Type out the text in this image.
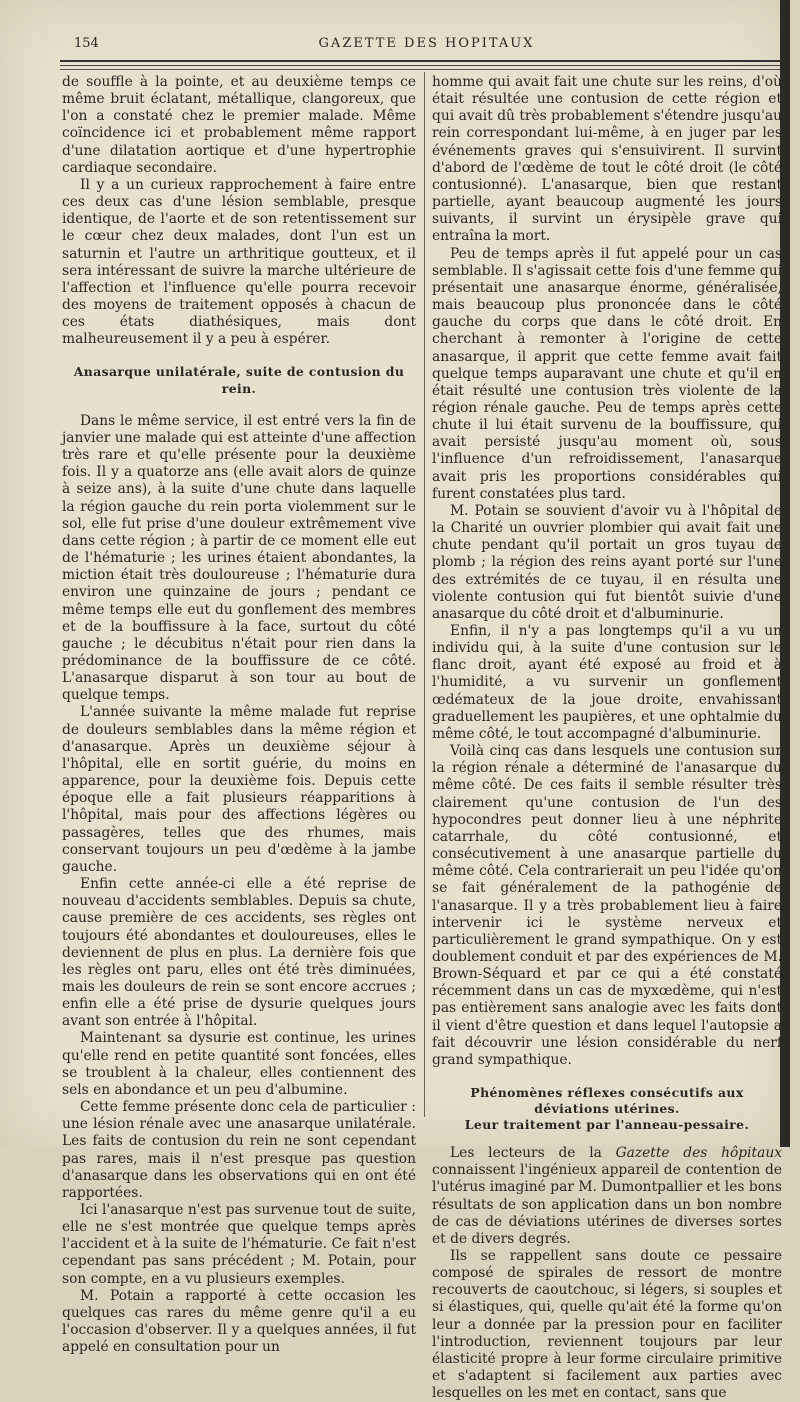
154	GAZETTE DES HOPITAUX

de souffle à la pointe, et au deuxième temps ce même bruit éclatant, métallique, clangoreux, que l'on a constaté chez le premier malade. Même coïncidence ici et probablement même rapport d'une dilatation aortique et d'une hypertrophie cardiaque secondaire.

Il y a un curieux rapprochement à faire entre ces deux cas d'une lésion semblable, presque identique, de l'aorte et de son retentissement sur le cœur chez deux malades, dont l'un est un saturnin et l'autre un arthritique goutteux, et il sera intéressant de suivre la marche ultérieure de l'affection et l'influence qu'elle pourra recevoir des moyens de traitement opposés à chacun de ces états diathésiques, mais dont malheureusement il y a peu à espérer.

Anasarque unilatérale, suite de contusion du rein.

Dans le même service, il est entré vers la fin de janvier une malade qui est atteinte d'une affection très rare et qu'elle présente pour la deuxième fois. Il y a quatorze ans (elle avait alors de quinze à seize ans), à la suite d'une chute dans laquelle la région gauche du rein porta violemment sur le sol, elle fut prise d'une douleur extrêmement vive dans cette région ; à partir de ce moment elle eut de l'hématurie ; les urines étaient abondantes, la miction était très douloureuse ; l'hématurie dura environ une quinzaine de jours ; pendant ce même temps elle eut du gonflement des membres et de la bouffissure à la face, surtout du côté gauche ; le décubitus n'était pour rien dans la prédominance de la bouffissure de ce côté. L'anasarque disparut à son tour au bout de quelque temps.

L'année suivante la même malade fut reprise de douleurs semblables dans la même région et d'anasarque. Après un deuxième séjour à l'hôpital, elle en sortit guérie, du moins en apparence, pour la deuxième fois. Depuis cette époque elle a fait plusieurs réapparitions à l'hôpital, mais pour des affections légères ou passagères, telles que des rhumes, mais conservant toujours un peu d'œdème à la jambe gauche.

Enfin cette année-ci elle a été reprise de nouveau d'accidents semblables. Depuis sa chute, cause première de ces accidents, ses règles ont toujours été abondantes et douloureuses, elles le deviennent de plus en plus. La dernière fois que les règles ont paru, elles ont été très diminuées, mais les douleurs de rein se sont encore accrues ; enfin elle a été prise de dysurie quelques jours avant son entrée à l'hôpital.

Maintenant sa dysurie est continue, les urines qu'elle rend en petite quantité sont foncées, elles se troublent à la chaleur, elles contiennent des sels en abondance et un peu d'albumine.

Cette femme présente donc cela de particulier : une lésion rénale avec une anasarque unilatérale. Les faits de contusion du rein ne sont cependant pas rares, mais il n'est presque pas question d'anasarque dans les observations qui en ont été rapportées.

Ici l'anasarque n'est pas survenue tout de suite, elle ne s'est montrée que quelque temps après l'accident et à la suite de l'hématurie. Ce fait n'est cependant pas sans précédent ; M. Potain, pour son compte, en a vu plusieurs exemples.

M. Potain a rapporté à cette occasion les quelques cas rares du même genre qu'il a eu l'occasion d'observer. Il y a quelques années, il fut appelé en consultation pour un

homme qui avait fait une chute sur les reins, d'où était résultée une contusion de cette région et qui avait dû très probablement s'étendre jusqu'au rein correspondant lui-même, à en juger par les événements graves qui s'ensuivirent. Il survint d'abord de l'œdème de tout le côté droit (le côté contusionné). L'anasarque, bien que restant partielle, ayant beaucoup augmenté les jours suivants, il survint un érysipèle grave qui entraîna la mort.

Peu de temps après il fut appelé pour un cas semblable. Il s'agissait cette fois d'une femme qui présentait une anasarque énorme, généralisée, mais beaucoup plus prononcée dans le côté gauche du corps que dans le côté droit. En cherchant à remonter à l'origine de cette anasarque, il apprit que cette femme avait fait quelque temps auparavant une chute et qu'il en était résulté une contusion très violente de la région rénale gauche. Peu de temps après cette chute il lui était survenu de la bouffissure, qui avait persisté jusqu'au moment où, sous l'influence d'un refroidissement, l'anasarque avait pris les proportions considérables qui furent constatées plus tard.

M. Potain se souvient d'avoir vu à l'hôpital de la Charité un ouvrier plombier qui avait fait une chute pendant qu'il portait un gros tuyau de plomb ; la région des reins ayant porté sur l'une des extrémités de ce tuyau, il en résulta une violente contusion qui fut bientôt suivie d'une anasarque du côté droit et d'albuminurie.

Enfin, il n'y a pas longtemps qu'il a vu un individu qui, à la suite d'une contusion sur le flanc droit, ayant été exposé au froid et à l'humidité, a vu survenir un gonflement œdémateux de la joue droite, envahissant graduellement les paupières, et une ophtalmie du même côté, le tout accompagné d'albuminurie.

Voilà cinq cas dans lesquels une contusion sur la région rénale a déterminé de l'anasarque du même côté. De ces faits il semble résulter très clairement qu'une contusion de l'un des hypocondres peut donner lieu à une néphrite catarrhale, du côté contusionné, et consécutivement à une anasarque partielle du même côté. Cela contrarierait un peu l'idée qu'on se fait généralement de la pathogénie de l'anasarque. Il y a très probablement lieu à faire intervenir ici le système nerveux et particulièrement le grand sympathique. On y est doublement conduit et par des expériences de M. Brown-Séquard et par ce qui a été constaté récemment dans un cas de myxœdème, qui n'est pas entièrement sans analogie avec les faits dont il vient d'être question et dans lequel l'autopsie a fait découvrir une lésion considérable du nerf grand sympathique.

Phénomènes réflexes consécutifs aux déviations utérines.
Leur traitement par l'anneau-pessaire.

Les lecteurs de la Gazette des hôpitaux connaissent l'ingénieux appareil de contention de l'utérus imaginé par M. Dumontpallier et les bons résultats de son application dans un bon nombre de cas de déviations utérines de diverses sortes et de divers degrés.

Ils se rappellent sans doute ce pessaire composé de spirales de ressort de montre recouverts de caoutchouc, si légers, si souples et si élastiques, qui, quelle qu'ait été la forme qu'on leur a donnée par la pression pour en faciliter l'introduction, reviennent toujours par leur élasticité propre à leur forme circulaire primitive et s'adaptent si facilement aux parties avec lesquelles on les met en contact, sans que
